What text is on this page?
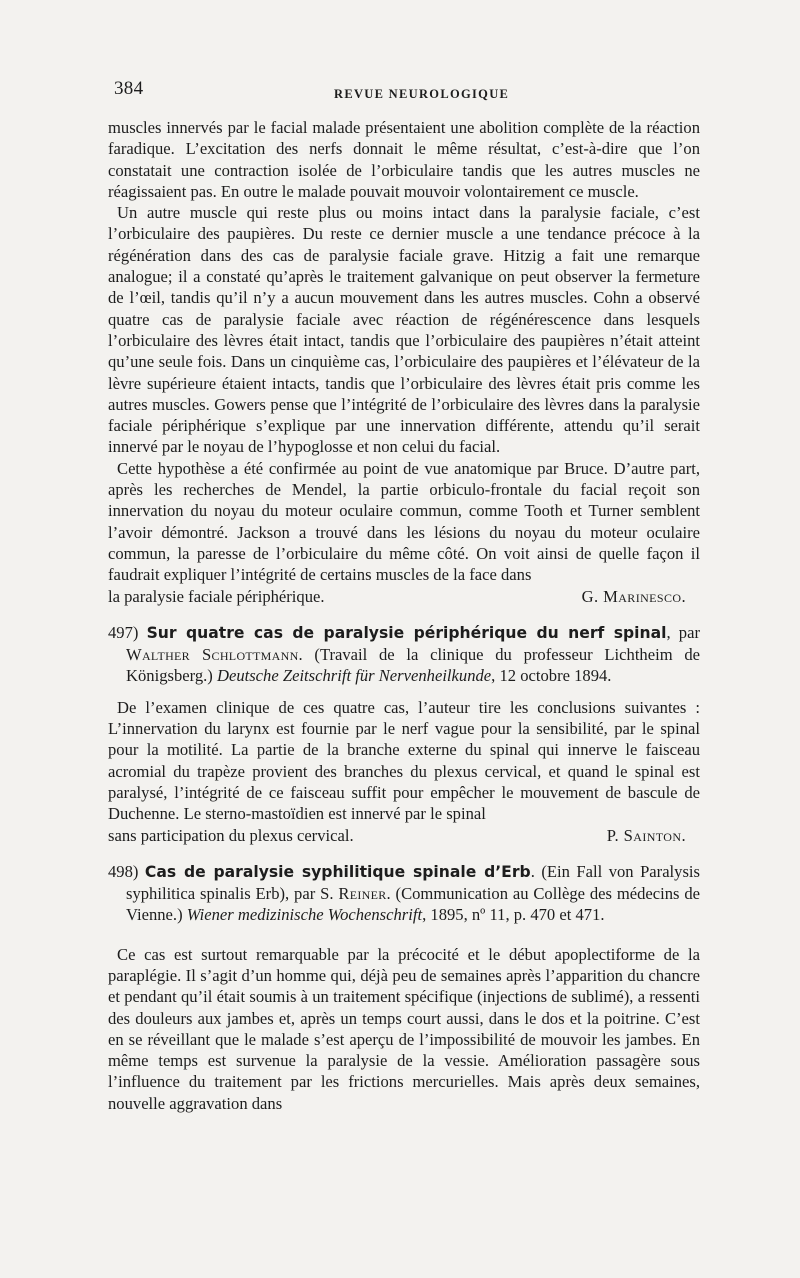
384	REVUE NEUROLOGIQUE

muscles innervés par le facial malade présentaient une abolition complète de la réaction faradique. L’excitation des nerfs donnait le même résultat, c’est-à-dire que l’on constatait une contraction isolée de l’orbiculaire tandis que les autres muscles ne réagissaient pas. En outre le malade pouvait mouvoir volontairement ce muscle.

Un autre muscle qui reste plus ou moins intact dans la paralysie faciale, c’est l’orbiculaire des paupières. Du reste ce dernier muscle a une tendance précoce à la régénération dans des cas de paralysie faciale grave. Hitzig a fait une remarque analogue; il a constaté qu’après le traitement galvanique on peut observer la fermeture de l’œil, tandis qu’il n’y a aucun mouvement dans les autres muscles. Cohn a observé quatre cas de paralysie faciale avec réaction de régénérescence dans lesquels l’orbiculaire des lèvres était intact, tandis que l’orbiculaire des paupières n’était atteint qu’une seule fois. Dans un cinquième cas, l’orbiculaire des paupières et l’élévateur de la lèvre supérieure étaient intacts, tandis que l’orbiculaire des lèvres était pris comme les autres muscles. Gowers pense que l’intégrité de l’orbiculaire des lèvres dans la paralysie faciale périphérique s’explique par une innervation différente, attendu qu’il serait innervé par le noyau de l’hypoglosse et non celui du facial.

Cette hypothèse a été confirmée au point de vue anatomique par Bruce. D’autre part, après les recherches de Mendel, la partie orbiculo-frontale du facial reçoit son innervation du noyau du moteur oculaire commun, comme Tooth et Turner semblent l’avoir démontré. Jackson a trouvé dans les lésions du noyau du moteur oculaire commun, la paresse de l’orbiculaire du même côté. On voit ainsi de quelle façon il faudrait expliquer l’intégrité de certains muscles de la face dans

la paralysie faciale périphérique.	G. Marinesco.

497) Sur quatre cas de paralysie périphérique du nerf spinal, par Walther Schlottmann. (Travail de la clinique du professeur Lichtheim de Königsberg.) Deutsche Zeitschrift für Nervenheilkunde, 12 octobre 1894.

De l’examen clinique de ces quatre cas, l’auteur tire les conclusions suivantes : L’innervation du larynx est fournie par le nerf vague pour la sensibilité, par le spinal pour la motilité. La partie de la branche externe du spinal qui innerve le faisceau acromial du trapèze provient des branches du plexus cervical, et quand le spinal est paralysé, l’intégrité de ce faisceau suffit pour empêcher le mouvement de bascule de Duchenne. Le sterno-mastoïdien est innervé par le spinal

sans participation du plexus cervical.	P. Sainton.

498) Cas de paralysie syphilitique spinale d’Erb. (Ein Fall von Paralysis syphilitica spinalis Erb), par S. Reiner. (Communication au Collège des médecins de Vienne.) Wiener medizinische Wochenschrift, 1895, nº 11, p. 470 et 471.

Ce cas est surtout remarquable par la précocité et le début apoplectiforme de la paraplégie. Il s’agit d’un homme qui, déjà peu de semaines après l’apparition du chancre et pendant qu’il était soumis à un traitement spécifique (injections de sublimé), a ressenti des douleurs aux jambes et, après un temps court aussi, dans le dos et la poitrine. C’est en se réveillant que le malade s’est aperçu de l’impossibilité de mouvoir les jambes. En même temps est survenue la paralysie de la vessie. Amélioration passagère sous l’influence du traitement par les frictions mercurielles. Mais après deux semaines, nouvelle aggravation dans
